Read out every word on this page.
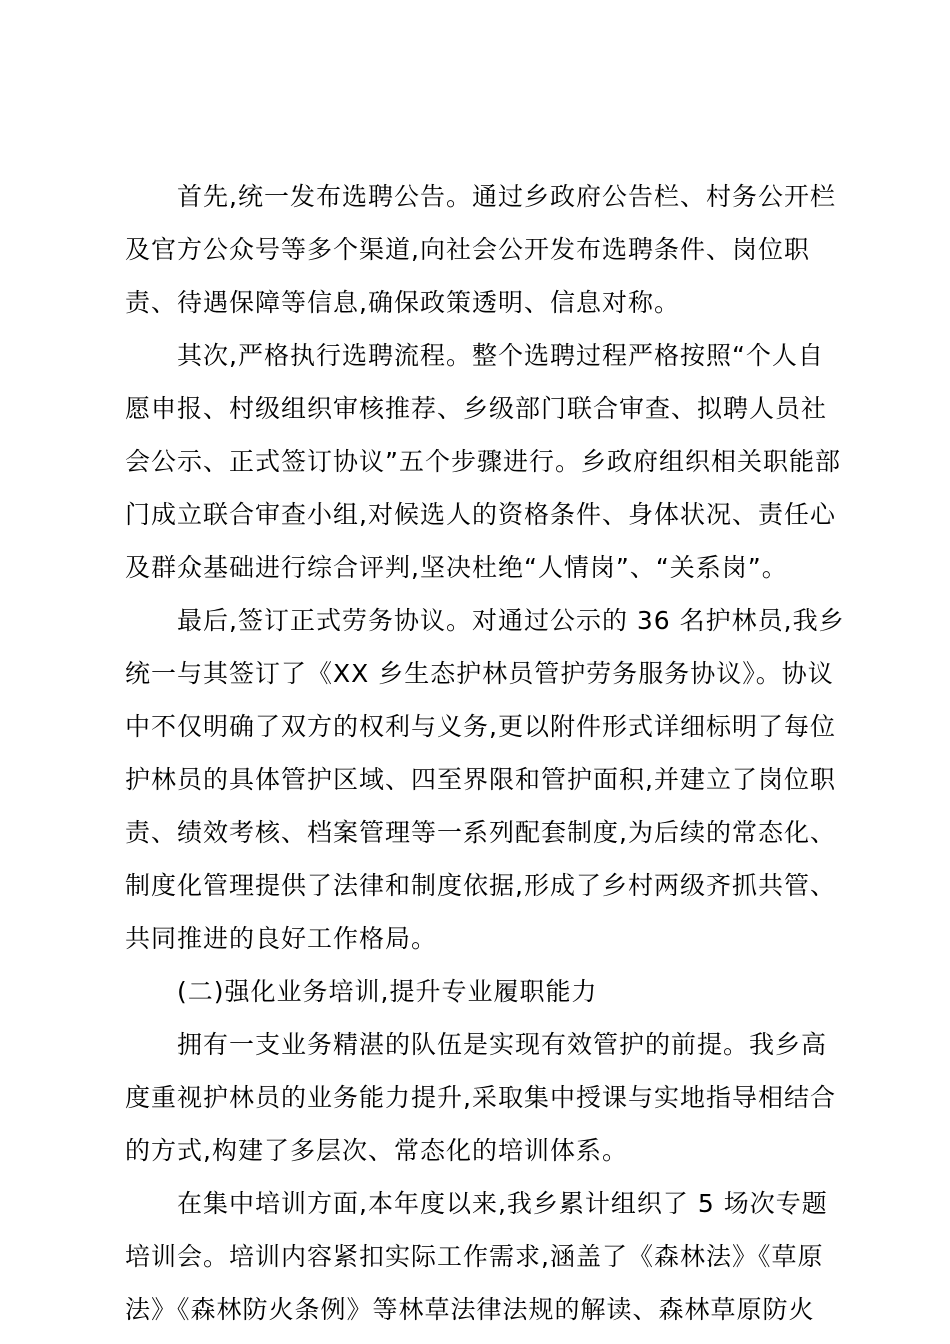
首先,统一发布选聘公告。通过乡政府公告栏、村务公开栏
及官方公众号等多个渠道,向社会公开发布选聘条件、岗位职
责、待遇保障等信息,确保政策透明、信息对称。
其次,严格执行选聘流程。整个选聘过程严格按照“个人自
愿申报、村级组织审核推荐、乡级部门联合审查、拟聘人员社
会公示、正式签订协议”五个步骤进行。乡政府组织相关职能部
门成立联合审查小组,对候选人的资格条件、身体状况、责任心
及群众基础进行综合评判,坚决杜绝“人情岗”、“关系岗”。
最后,签订正式劳务协议。对通过公示的 36 名护林员,我乡
统一与其签订了《XX 乡生态护林员管护劳务服务协议》。协议
中不仅明确了双方的权利与义务,更以附件形式详细标明了每位
护林员的具体管护区域、四至界限和管护面积,并建立了岗位职
责、绩效考核、档案管理等一系列配套制度,为后续的常态化、
制度化管理提供了法律和制度依据,形成了乡村两级齐抓共管、
共同推进的良好工作格局。
(二)强化业务培训,提升专业履职能力
拥有一支业务精湛的队伍是实现有效管护的前提。我乡高
度重视护林员的业务能力提升,采取集中授课与实地指导相结合
的方式,构建了多层次、常态化的培训体系。
在集中培训方面,本年度以来,我乡累计组织了 5 场次专题
培训会。培训内容紧扣实际工作需求,涵盖了《森林法》《草原
法》《森林防火条例》等林草法律法规的解读、森林草原防火
